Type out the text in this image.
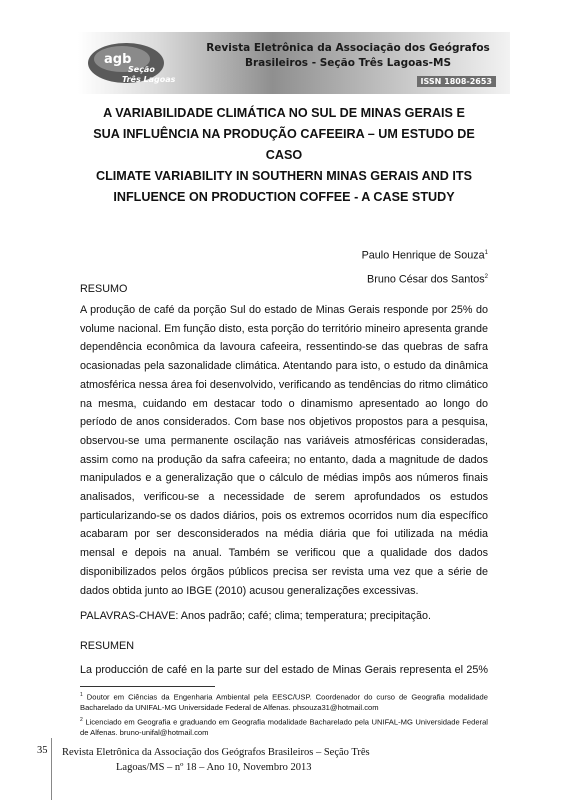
agb
Seção
Três Lagoas
Revista Eletrônica da Associação dos Geógrafos
Brasileiros - Seção Três Lagoas-MS
ISSN 1808-2653
A VARIABILIDADE CLIMÁTICA NO SUL DE MINAS GERAIS E
SUA INFLUÊNCIA NA PRODUÇÃO CAFEEIRA – UM ESTUDO DE
CASO
CLIMATE VARIABILITY IN SOUTHERN MINAS GERAIS AND ITS
INFLUENCE ON PRODUCTION COFFEE - A CASE STUDY
Paulo Henrique de Souza$^1$
Bruno César dos Santos$^2$
RESUMO
A produção de café da porção Sul do estado de Minas Gerais responde por 25% do volume nacional. Em função disto, esta porção do território mineiro apresenta grande dependência econômica da lavoura cafeeira, ressentindo-se das quebras de safra ocasionadas pela sazonalidade climática. Atentando para isto, o estudo da dinâmica atmosférica nessa área foi desenvolvido, verificando as tendências do ritmo climático na mesma, cuidando em destacar todo o dinamismo apresentado ao longo do período de anos considerados. Com base nos objetivos propostos para a pesquisa, observou-se uma permanente oscilação nas variáveis atmosféricas consideradas, assim como na produção da safra cafeeira; no entanto, dada a magnitude de dados manipulados e a generalização que o cálculo de médias impôs aos números finais analisados, verificou-se a necessidade de serem aprofundados os estudos particularizando-se os dados diários, pois os extremos ocorridos num dia específico acabaram por ser desconsiderados na média diária que foi utilizada na média mensal e depois na anual. Também se verificou que a qualidade dos dados disponibilizados pelos órgãos públicos precisa ser revista uma vez que a série de dados obtida junto ao IBGE (2010) acusou generalizações excessivas.
PALAVRAS-CHAVE: Anos padrão; café; clima; temperatura; precipitação.
RESUMEN
La producción de café en la parte sur del estado de Minas Gerais representa el 25%

$^1$ Doutor em Ciências da Engenharia Ambiental pela EESC/USP. Coordenador do curso de Geografia modalidade Bacharelado da UNIFAL-MG Universidade Federal de Alfenas. phsouza31@hotmail.com

$^2$ Licenciado em Geografia e graduando em Geografia modalidade Bacharelado pela UNIFAL-MG Universidade Federal de Alfenas. bruno-unifal@hotmail.com

35 Revista Eletrônica da Associação dos Geógrafos Brasileiros – Seção Três
Lagoas/MS – nº 18 – Ano 10, Novembro 2013
